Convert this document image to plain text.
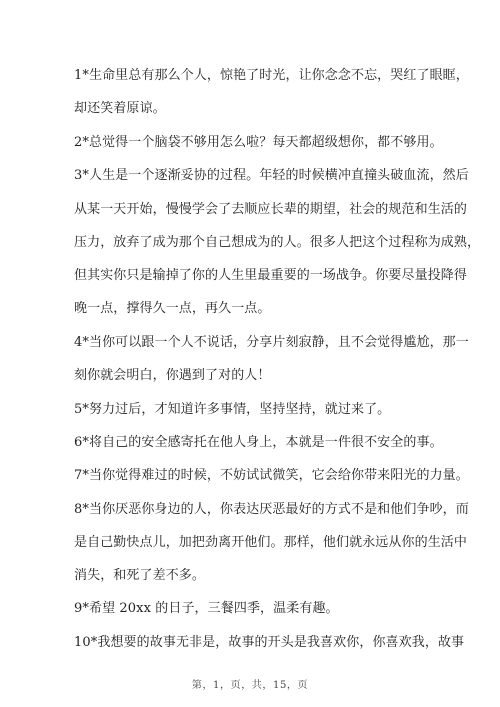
1*生命里总有那么个人，惊艳了时光，让你念念不忘，哭红了眼眶，
却还笑着原谅。
2*总觉得一个脑袋不够用怎么啦？每天都超级想你，都不够用。
3*人生是一个逐渐妥协的过程。年轻的时候横冲直撞头破血流，然后
从某一天开始，慢慢学会了去顺应长辈的期望，社会的规范和生活的
压力，放弃了成为那个自己想成为的人。很多人把这个过程称为成熟，
但其实你只是输掉了你的人生里最重要的一场战争。你要尽量投降得
晚一点，撑得久一点，再久一点。
4*当你可以跟一个人不说话，分享片刻寂静，且不会觉得尴尬，那一
刻你就会明白，你遇到了对的人！
5*努力过后，才知道许多事情，坚持坚持，就过来了。
6*将自己的安全感寄托在他人身上，本就是一件很不安全的事。
7*当你觉得难过的时候，不妨试试微笑，它会给你带来阳光的力量。
8*当你厌恶你身边的人，你表达厌恶最好的方式不是和他们争吵，而
是自己勤快点儿，加把劲离开他们。那样，他们就永远从你的生活中
消失，和死了差不多。
9*希望 20xx 的日子，三餐四季，温柔有趣。
10*我想要的故事无非是，故事的开头是我喜欢你，你喜欢我，故事
第，1，页，共，15，页
